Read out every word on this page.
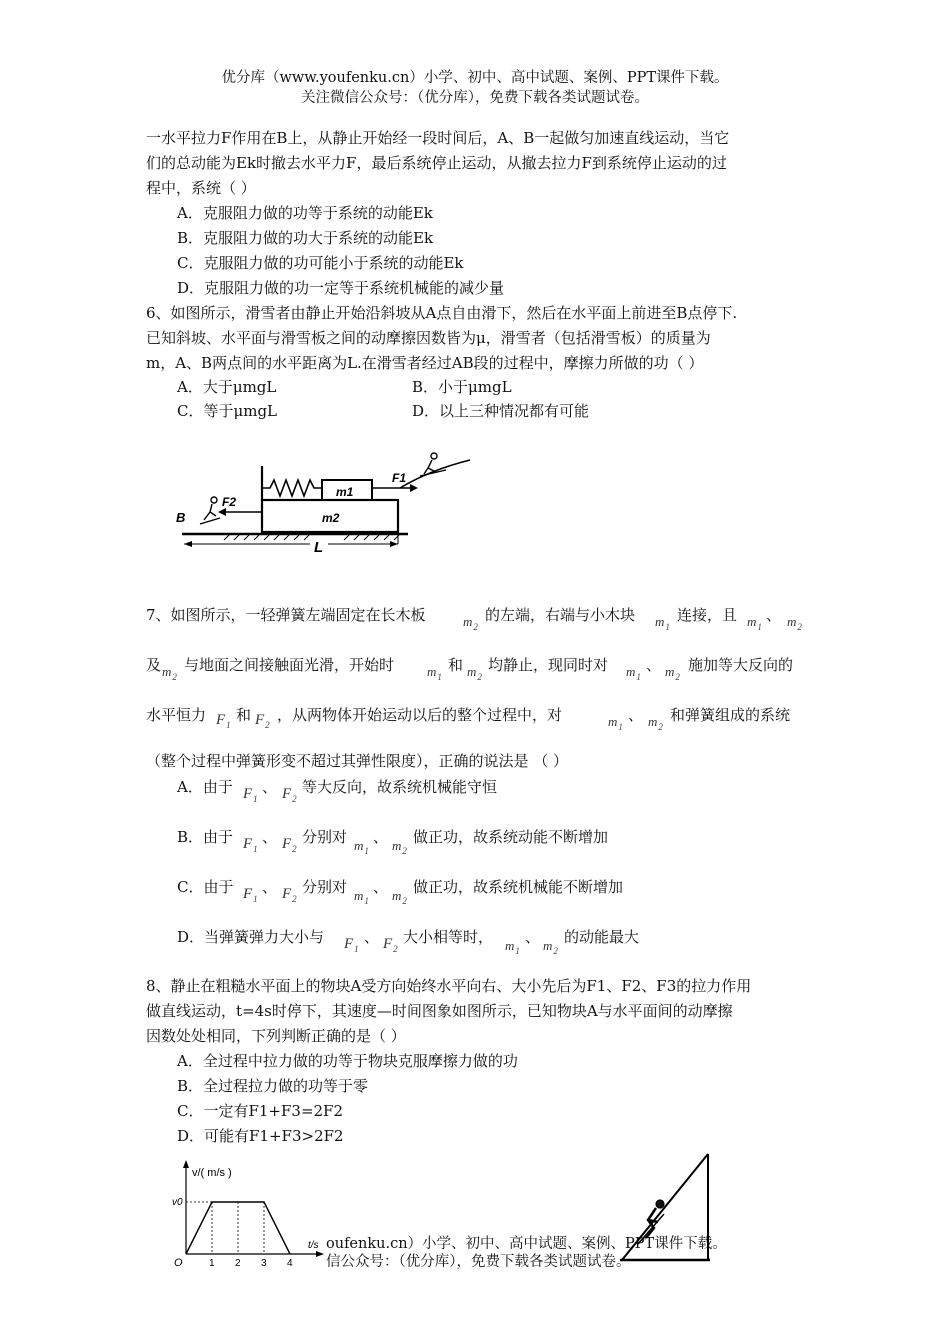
优分库（www.youfenku.cn）小学、初中、高中试题、案例、PPT课件下载。
关注微信公众号：（优分库），免费下载各类试题试卷。
一水平拉力F作用在B上，从静止开始经一段时间后，A、B一起做匀加速直线运动，当它
们的总动能为Ek时撤去水平力F，最后系统停止运动，从撤去拉力F到系统停止运动的过
程中，系统（ ）
A．克服阻力做的功等于系统的动能Ek
B．克服阻力做的功大于系统的动能Ek
C．克服阻力做的功可能小于系统的动能Ek
D．克服阻力做的功一定等于系统机械能的减少量
6、如图所示，滑雪者由静止开始沿斜坡从A点自由滑下，然后在水平面上前进至B点停下.
已知斜坡、水平面与滑雪板之间的动摩擦因数皆为μ，滑雪者（包括滑雪板）的质量为
m，A、B两点间的水平距离为L.在滑雪者经过AB段的过程中，摩擦力所做的功（ ）
A．大于μmgL	B．小于μmgL
C．等于μmgL	D．以上三种情况都有可能
m1
m2
F1
F2
B
L
7、如图所示，一轻弹簧左端固定在长木板	$m_2$
的左端，右端与小木块 $m_1$
连接，且 $m_1$
、 $m_2$
及 $m_2$
与地面之间接触面光滑，开始时	$m_1$
和 $m_2$
均静止，现同时对 $m_1$
、 $m_2$
施加等大反向的
水平恒力 $F_1$
和 $F_2$
，从两物体开始运动以后的整个过程中，对	$m_1$
、 $m_2$
和弹簧组成的系统
（整个过程中弹簧形变不超过其弹性限度），正确的说法是 （ ）
A．由于 $F_1$
、 $F_2$
等大反向，故系统机械能守恒
B．由于 $F_1$
、 $F_2$
分别对 $m_1$
、 $m_2$
做正功，故系统动能不断增加
C．由于 $F_1$
、 $F_2$
分别对 $m_1$
、 $m_2$
做正功，故系统机械能不断增加
D．当弹簧弹力大小与 $F_1$
、 $F_2$
大小相等时， $m_1$
、 $m_2$
的动能最大
8、静止在粗糙水平面上的物块A受方向始终水平向右、大小先后为F1、F2、F3的拉力作用
做直线运动，t=4s时停下，其速度—时间图象如图所示，已知物块A与水平面间的动摩擦
因数处处相同，下列判断正确的是（ ）
A．全过程中拉力做的功等于物块克服摩擦力做的功
B．全过程拉力做的功等于零
C．一定有F1+F3=2F2
D．可能有F1+F3>2F2
v/( m/s )
v0
t/s
O	1 2 3 4
oufenku.cn）小学、初中、高中试题、案例、PPT课件下载。
信公众号：（优分库），免费下载各类试题试卷。
